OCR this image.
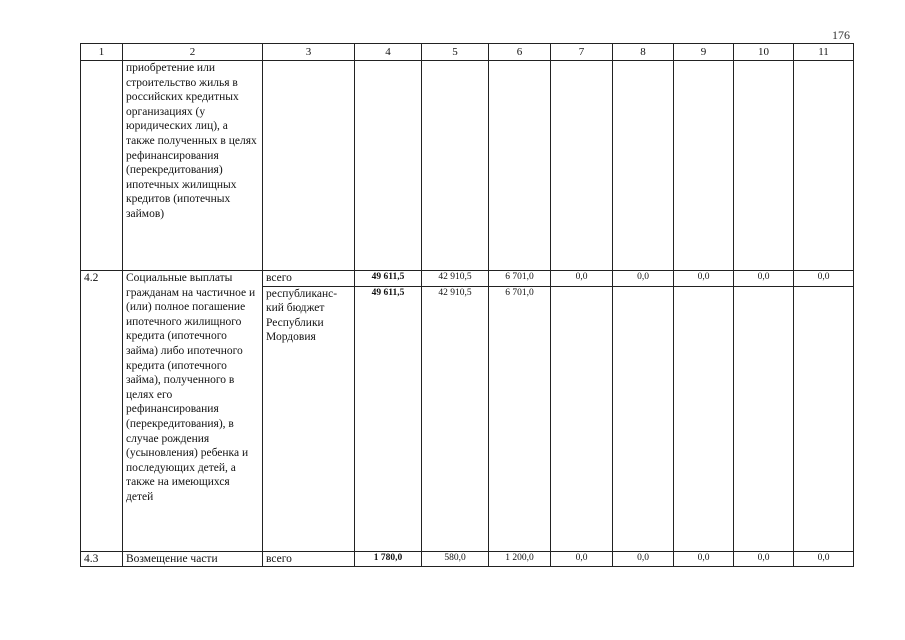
176
1	2	3	4	5	6	7	8	9	10	11
	приобретение или строительство жилья в российских кредитных организациях (у юридических лиц), а также полученных в целях рефинансирования (перекредитования) ипотечных жилищных кредитов (ипотечных займов)									
4.2	Социальные выплаты гражданам на частичное и (или) полное погашение ипотечного жилищного кредита (ипотечного займа) либо ипотечного кредита (ипотечного займа), полученного в целях его рефинансирования (перекредитования), в случае рождения (усыновления) ребенка и последующих детей, а также на имеющихся детей	всего	49 611,5	42 910,5	6 701,0	0,0	0,0	0,0	0,0	0,0
		республиканс-кий бюджет Республики Мордовия	49 611,5	42 910,5	6 701,0					
4.3	Возмещение части	всего	1 780,0	580,0	1 200,0	0,0	0,0	0,0	0,0	0,0
